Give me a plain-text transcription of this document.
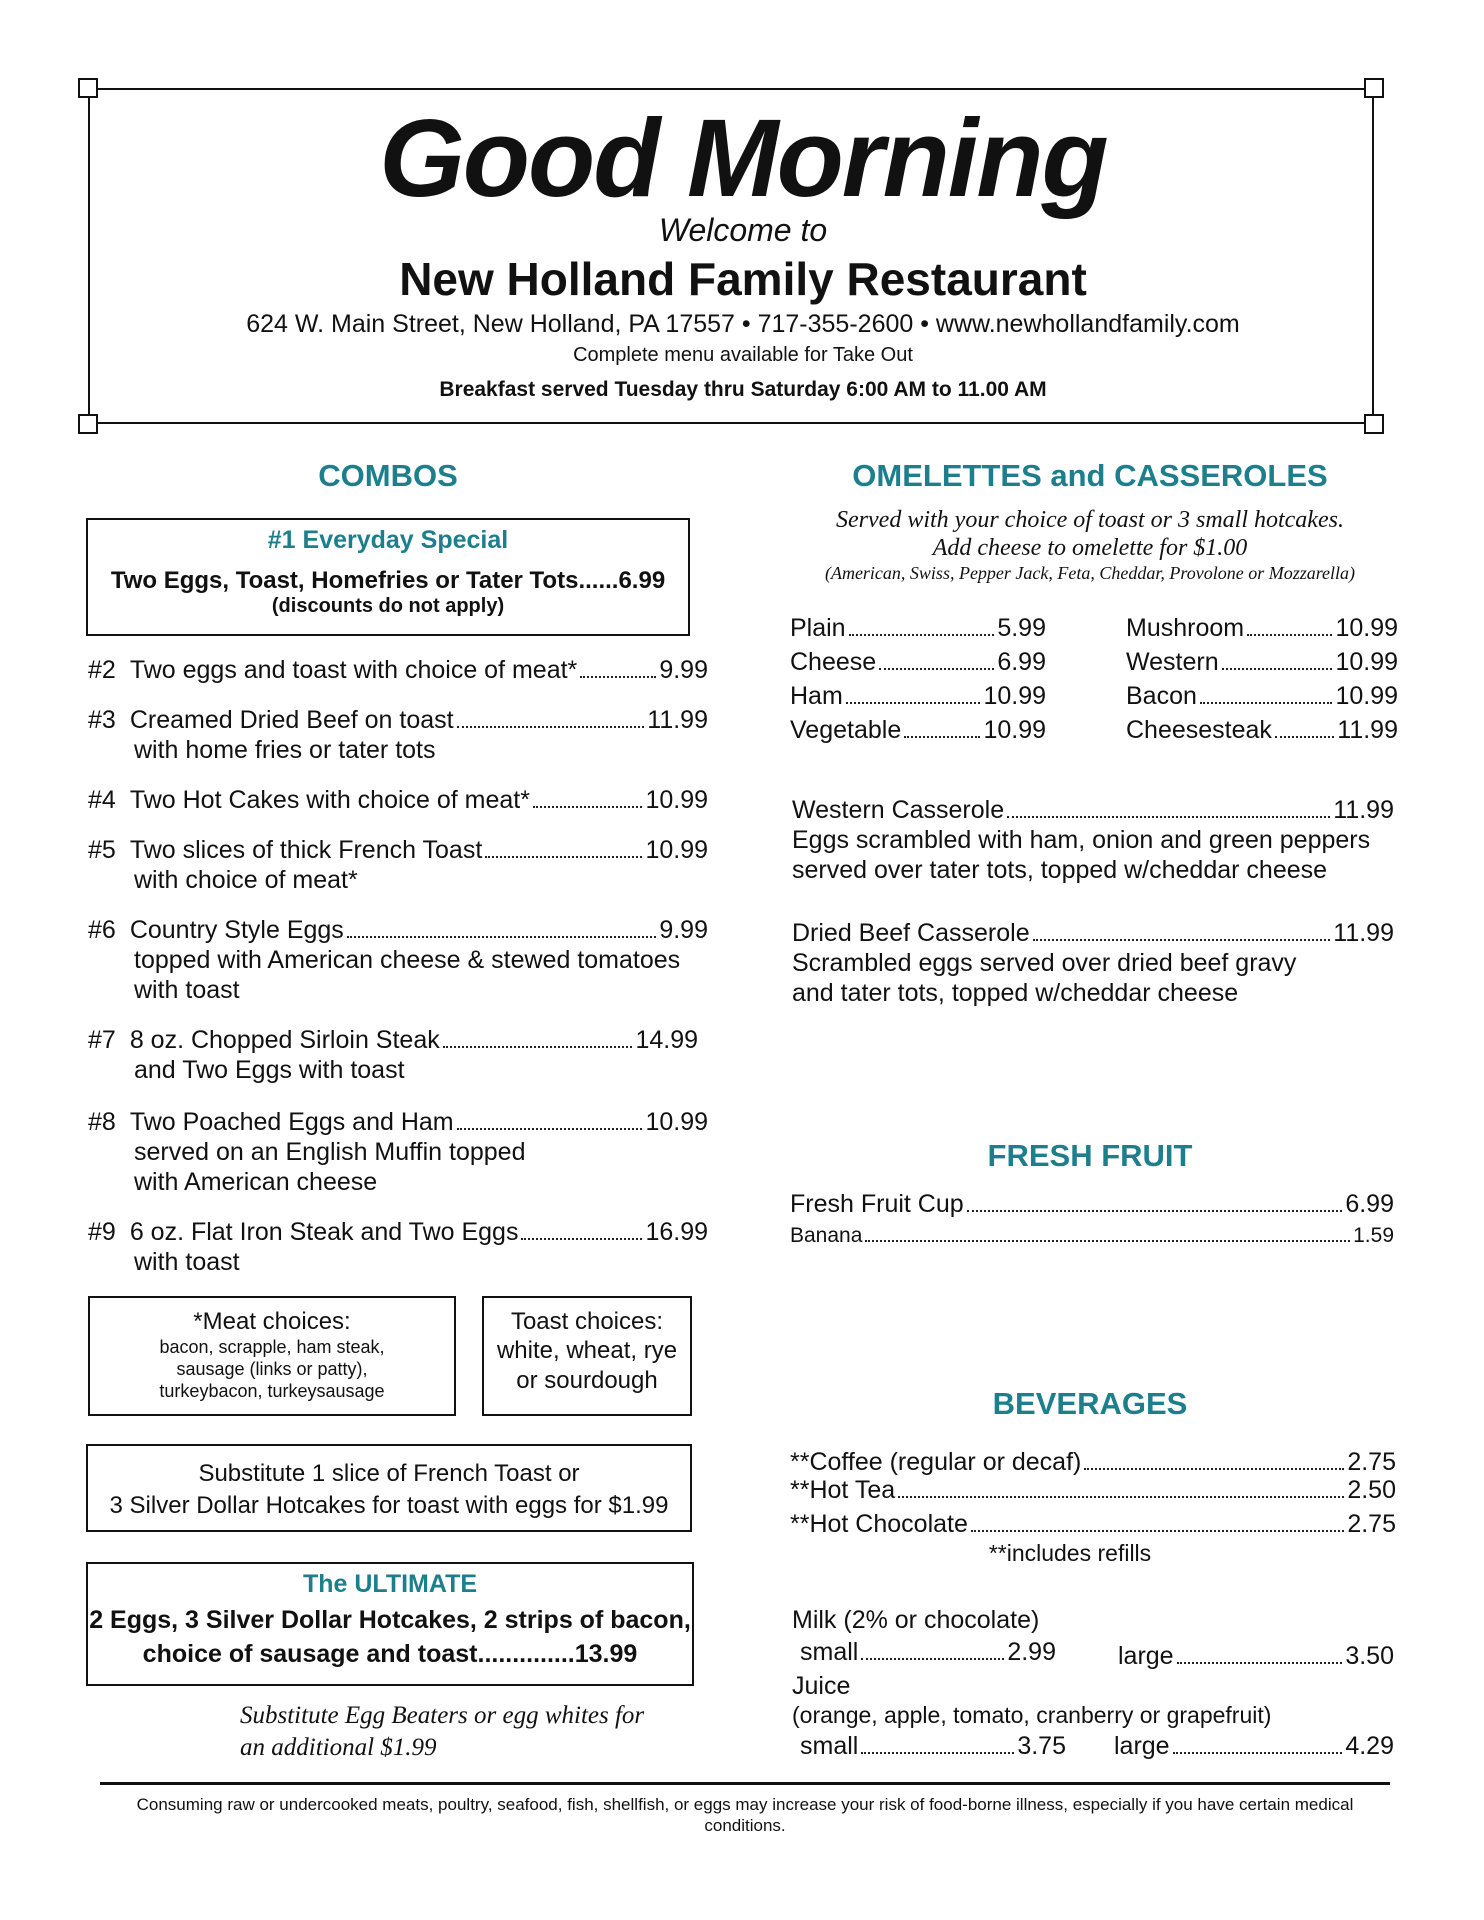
Good Morning
Welcome to
New Holland Family Restaurant
624 W. Main Street, New Holland, PA 17557 • 717-355-2600 • www.newhollandfamily.com
Complete menu available for Take Out
Breakfast served Tuesday thru Saturday 6:00 AM to 11.00 AM
COMBOS
#1 Everyday Special
Two Eggs, Toast, Homefries or Tater Tots......6.99
(discounts do not apply)
#2 Two eggs and toast with choice of meat*	9.99
#3 Creamed Dried Beef on toast	11.99
with home fries or tater tots
#4 Two Hot Cakes with choice of meat*	10.99
#5 Two slices of thick French Toast	10.99
with choice of meat*
#6 Country Style Eggs	9.99
topped with American cheese & stewed tomatoes
with toast
#7 8 oz. Chopped Sirloin Steak	14.99
and Two Eggs with toast
#8 Two Poached Eggs and Ham	10.99
served on an English Muffin topped
with American cheese
#9 6 oz. Flat Iron Steak and Two Eggs	16.99
with toast
*Meat choices:
bacon, scrapple, ham steak,
sausage (links or patty),
turkeybacon, turkeysausage
Toast choices:
white, wheat, rye
or sourdough
Substitute 1 slice of French Toast or
3 Silver Dollar Hotcakes for toast with eggs for $1.99
The ULTIMATE
2 Eggs, 3 Silver Dollar Hotcakes, 2 strips of bacon,
choice of sausage and toast..............13.99
Substitute Egg Beaters or egg whites for
an additional $1.99
OMELETTES and CASSEROLES
Served with your choice of toast or 3 small hotcakes.
Add cheese to omelette for $1.00
(American, Swiss, Pepper Jack, Feta, Cheddar, Provolone or Mozzarella)
Plain	5.99
Cheese	6.99
Ham	10.99
Vegetable	10.99
Mushroom	10.99
Western	10.99
Bacon	10.99
Cheesesteak	11.99
Western Casserole	11.99
Eggs scrambled with ham, onion and green peppers
served over tater tots, topped w/cheddar cheese
Dried Beef Casserole	11.99
Scrambled eggs served over dried beef gravy
and tater tots, topped w/cheddar cheese
FRESH FRUIT
Fresh Fruit Cup	6.99
Banana	1.59
BEVERAGES
**Coffee (regular or decaf)	2.75
**Hot Tea	2.50
**Hot Chocolate	2.75
**includes refills
Milk (2% or chocolate)
small	2.99 large	3.50
Juice
(orange, apple, tomato, cranberry or grapefruit)
small	3.75 large	4.29
Consuming raw or undercooked meats, poultry, seafood, fish, shellfish, or eggs may increase your risk of food-borne illness, especially if you have certain medical conditions.
